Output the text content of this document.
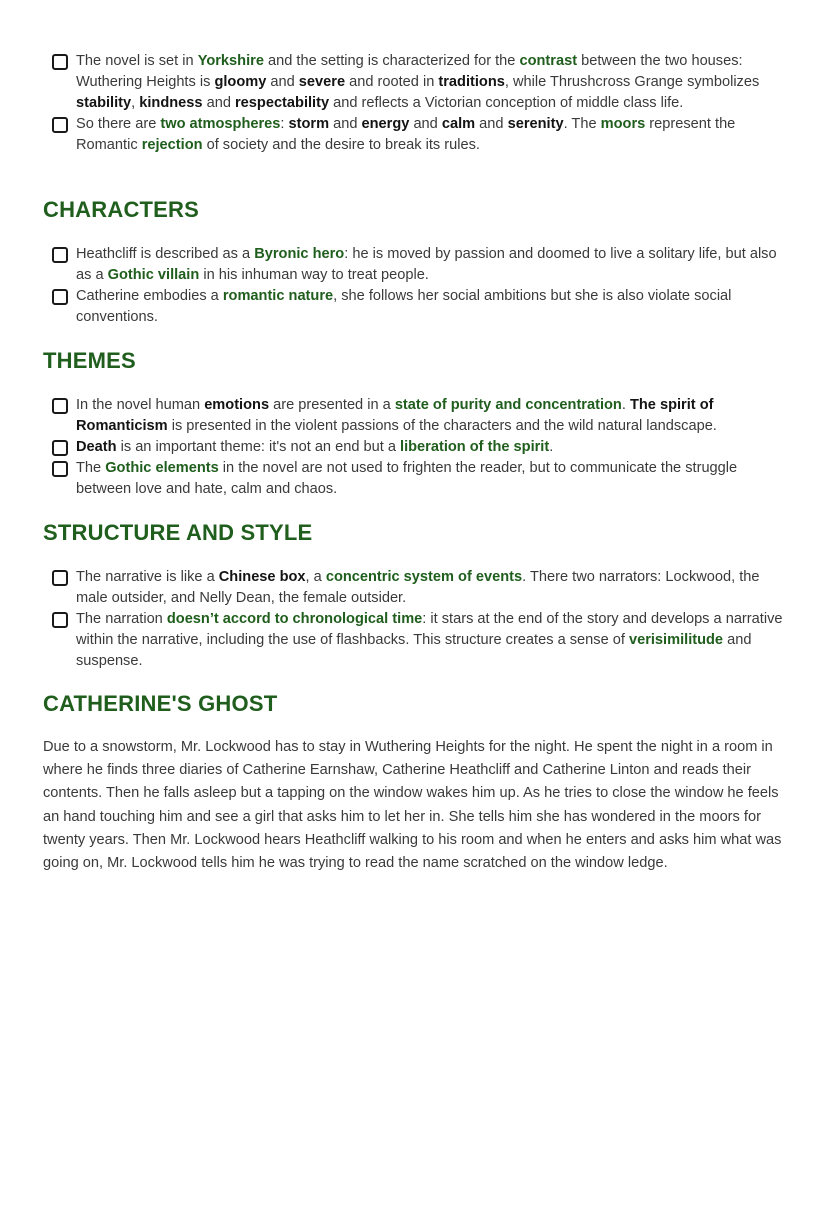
The novel is set in Yorkshire and the setting is characterized for the contrast between the two houses: Wuthering Heights is gloomy and severe and rooted in traditions, while Thrushcross Grange symbolizes stability, kindness and respectability and reflects a Victorian conception of middle class life.
So there are two atmospheres: storm and energy and calm and serenity. The moors represent the Romantic rejection of society and the desire to break its rules.
CHARACTERS
Heathcliff is described as a Byronic hero: he is moved by passion and doomed to live a solitary life, but also as a Gothic villain in his inhuman way to treat people.
Catherine embodies a romantic nature, she follows her social ambitions but she is also violate social conventions.
THEMES
In the novel human emotions are presented in a state of purity and concentration. The spirit of Romanticism is presented in the violent passions of the characters and the wild natural landscape.
Death is an important theme: it's not an end but a liberation of the spirit.
The Gothic elements in the novel are not used to frighten the reader, but to communicate the struggle between love and hate, calm and chaos.
STRUCTURE AND STYLE
The narrative is like a Chinese box, a concentric system of events. There two narrators: Lockwood, the male outsider, and Nelly Dean, the female outsider.
The narration doesn’t accord to chronological time: it stars at the end of the story and develops a narrative within the narrative, including the use of flashbacks. This structure creates a sense of verisimilitude and suspense.
CATHERINE'S GHOST

Due to a snowstorm, Mr. Lockwood has to stay in Wuthering Heights for the night. He spent the night in a room in where he finds three diaries of Catherine Earnshaw, Catherine Heathcliff and Catherine Linton and reads their contents. Then he falls asleep but a tapping on the window wakes him up. As he tries to close the window he feels an hand touching him and see a girl that asks him to let her in. She tells him she has wondered in the moors for twenty years. Then Mr. Lockwood hears Heathcliff walking to his room and when he enters and asks him what was going on, Mr. Lockwood tells him he was trying to read the name scratched on the window ledge.
